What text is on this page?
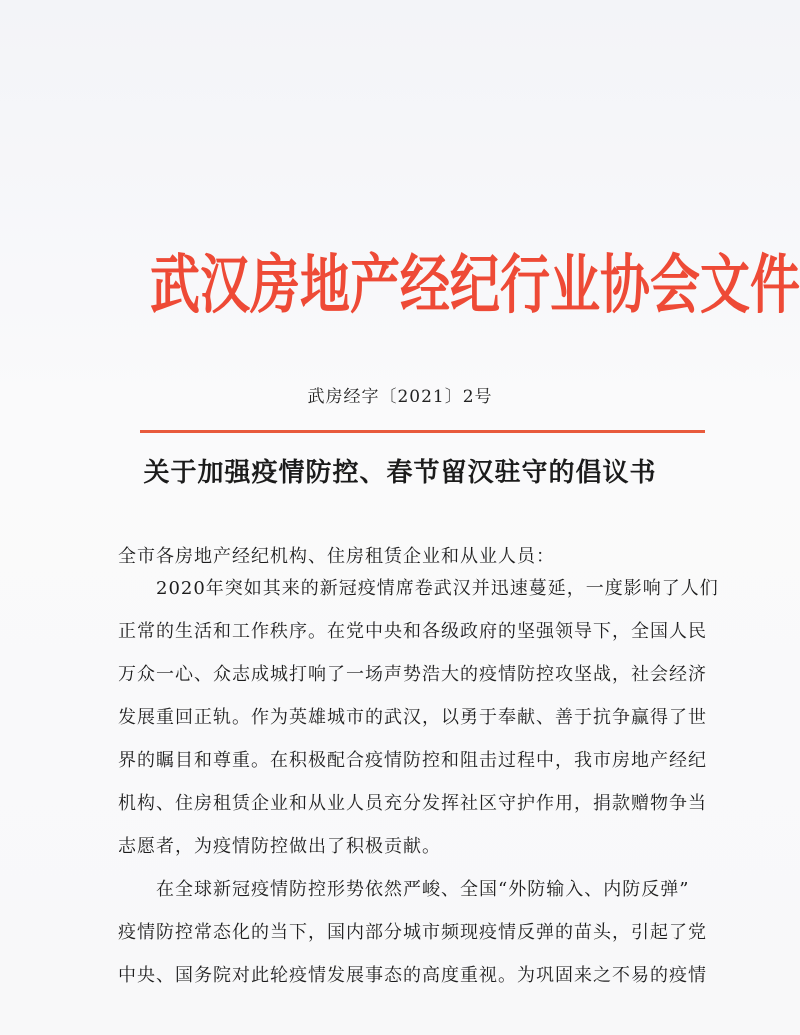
武汉房地产经纪行业协会文件
武房经字〔2021〕2号
关于加强疫情防控、春节留汉驻守的倡议书
全市各房地产经纪机构、住房租赁企业和从业人员：
　　2020年突如其来的新冠疫情席卷武汉并迅速蔓延，一度影响了人们
正常的生活和工作秩序。在党中央和各级政府的坚强领导下，全国人民
万众一心、众志成城打响了一场声势浩大的疫情防控攻坚战，社会经济
发展重回正轨。作为英雄城市的武汉，以勇于奉献、善于抗争赢得了世
界的瞩目和尊重。在积极配合疫情防控和阻击过程中，我市房地产经纪
机构、住房租赁企业和从业人员充分发挥社区守护作用，捐款赠物争当
志愿者，为疫情防控做出了积极贡献。
　　在全球新冠疫情防控形势依然严峻、全国“外防输入、内防反弹”
疫情防控常态化的当下，国内部分城市频现疫情反弹的苗头，引起了党
中央、国务院对此轮疫情发展事态的高度重视。为巩固来之不易的疫情
